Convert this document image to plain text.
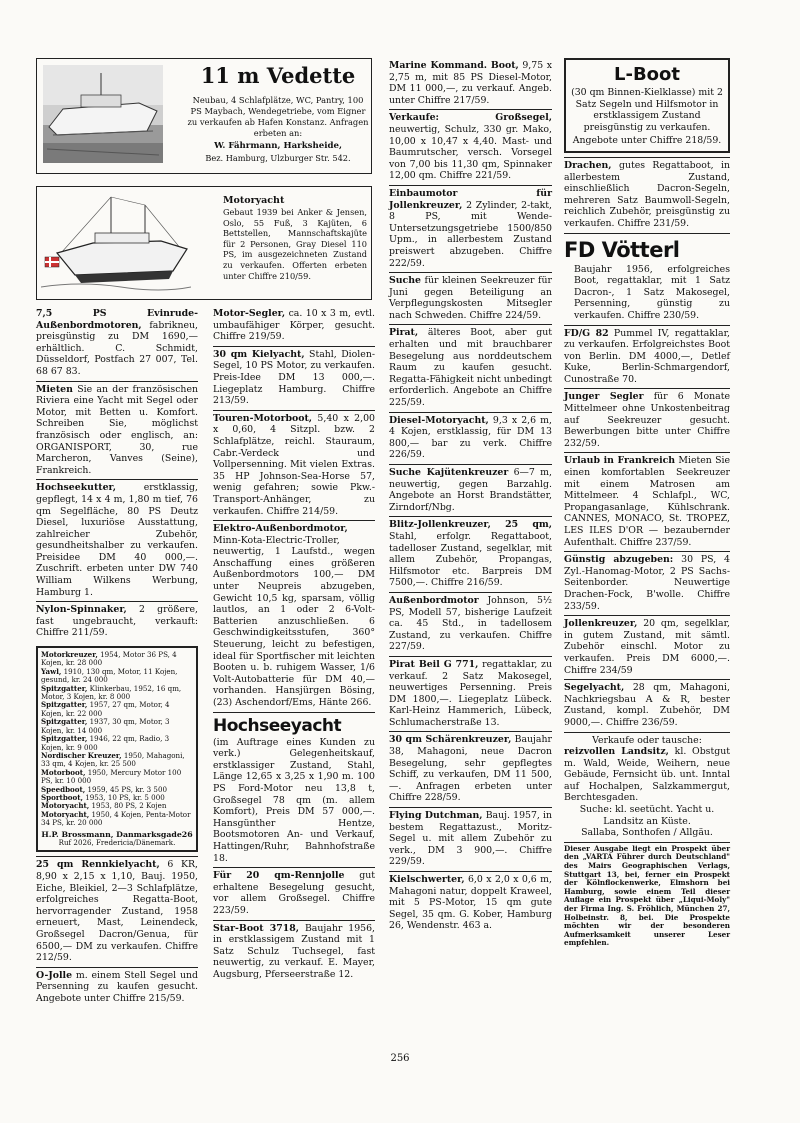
11 m Vedette
Neubau, 4 Schlafplätze, WC, Pantry, 100 PS Maybach, Wendegetriebe, vom Eigner zu verkaufen ab Hafen Konstanz. Anfragen erbeten an:
W. Fährmann, Harksheide,
Bez. Hamburg, Ulzburger Str. 542.
Motoryacht
Gebaut 1939 bei Anker & Jensen, Oslo, 55 Fuß, 3 Kajüten, 6 Bettstellen, Mannschaftskajüte für 2 Personen, Gray Diesel 110 PS, im ausgezeichneten Zustand zu verkaufen. Offerten erbeten unter Chiffre 210/59.
7,5 PS Evinrude-Außenbordmotoren, fabrikneu, preisgünstig zu DM 1690,— erhältlich. C. Schmidt, Düsseldorf, Postfach 27 007, Tel. 68 67 83.
Mieten Sie an der französischen Riviera eine Yacht mit Segel oder Motor, mit Betten u. Komfort. Schreiben Sie, möglichst französisch oder englisch, an: ORGANISPORT, 30, rue Marcheron, Vanves (Seine), Frankreich.
Hochseekutter, erstklassig, gepflegt, 14 x 4 m, 1,80 m tief, 76 qm Segelfläche, 80 PS Deutz Diesel, luxuriöse Ausstattung, zahlreicher Zubehör, gesundheitshalber zu verkaufen. Preisidee DM 40 000,—. Zuschrift. erbeten unter DW 740 William Wilkens Werbung, Hamburg 1.
Nylon-Spinnaker, 2 größere, fast ungebraucht, verkauft: Chiffre 211/59.
Motorkreuzer, 1954, Motor 36 PS, 4 Kojen, kr. 28 000
Yawl, 1910, 130 qm, Motor, 11 Kojen, gesund, kr. 24 000
Spitzgatter, Klinkerbau, 1952, 16 qm, Motor, 3 Kojen, kr. 8 000
Spitzgatter, 1957, 27 qm, Motor, 4 Kojen, kr. 22 000
Spitzgatter, 1937, 30 qm, Motor, 3 Kojen, kr. 14 000
Spitzgatter, 1946, 22 qm, Radio, 3 Kojen, kr. 9 000
Nordischer Kreuzer, 1950, Mahagoni, 33 qm, 4 Kojen, kr. 25 500
Motorboot, 1950, Mercury Motor 100 PS, kr. 10 000
Speedboot, 1959, 45 PS, kr. 3 500
Sportboot, 1953, 10 PS, kr. 5 000
Motoryacht, 1953, 80 PS, 2 Kojen
Motoryacht, 1950, 4 Kojen, Penta-Motor 34 PS, kr. 20 000
H.P. Brossmann, Danmarksgade26
Ruf 2026, Fredericia/Dänemark.
25 qm Rennkielyacht, 6 KR, 8,90 x 2,15 x 1,10, Bauj. 1950, Eiche, Bleikiel, 2—3 Schlafplätze, erfolgreiches Regatta-Boot, hervorragender Zustand, 1958 erneuert, Mast, Leinendeck, Großsegel Dacron/Genua, für 6500,— DM zu verkaufen. Chiffre 212/59.
O-Jolle m. einem Stell Segel und Persenning zu kaufen gesucht. Angebote unter Chiffre 215/59.
Motor-Segler, ca. 10 x 3 m, evtl. umbaufähiger Körper, gesucht. Chiffre 219/59.
30 qm Kielyacht, Stahl, Diolen-Segel, 10 PS Motor, zu verkaufen. Preis-Idee DM 13 000,—. Liegeplatz Hamburg. Chiffre 213/59.
Touren-Motorboot, 5,40 x 2,00 x 0,60, 4 Sitzpl. bzw. 2 Schlafplätze, reichl. Stauraum, Cabr.-Verdeck und Vollpersenning. Mit vielen Extras. 35 HP Johnson-Sea-Horse 57, wenig gefahren; sowie Pkw.-Transport-Anhänger, zu verkaufen. Chiffre 214/59.
Elektro-Außenbordmotor, Minn-Kota-Electric-Troller, neuwertig, 1 Laufstd., wegen Anschaffung eines größeren Außenbordmotors 100,— DM unter Neupreis abzugeben, Gewicht 10,5 kg, sparsam, völlig lautlos, an 1 oder 2 6-Volt-Batterien anzuschließen. 6 Geschwindigkeitsstufen, 360° Steuerung, leicht zu befestigen, ideal für Sportfischer mit leichten Booten u. b. ruhigem Wasser, 1/6 Volt-Autobatterie für DM 40,— vorhanden. Hansjürgen Bösing, (23) Aschendorf/Ems, Hänte 266.
Hochseeyacht
(im Auftrage eines Kunden zu verk.) Gelegenheitskauf, erstklassiger Zustand, Stahl, Länge 12,65 x 3,25 x 1,90 m. 100 PS Ford-Motor neu 13,8 t, Großsegel 78 qm (m. allem Komfort), Preis DM 57 000,—. Hansgünther Hentze, Bootsmotoren An- und Verkauf, Hattingen/Ruhr, Bahnhofstraße 18.
Für 20 qm-Rennjolle gut erhaltene Besegelung gesucht, vor allem Großsegel. Chiffre 223/59.
Star-Boot 3718, Baujahr 1956, in erstklassigem Zustand mit 1 Satz Schulz Tuchsegel, fast neuwertig, zu verkauf. E. Mayer, Augsburg, Pferseerstraße 12.
Marine Kommand. Boot, 9,75 x 2,75 m, mit 85 PS Diesel-Motor, DM 11 000,—, zu verkauf. Angeb. unter Chiffre 217/59.
Verkaufe: Großsegel, neuwertig, Schulz, 330 gr. Mako, 10,00 x 10,47 x 4,40. Mast- und Baumrutscher, versch. Vorsegel von 7,00 bis 11,30 qm, Spinnaker 12,00 qm. Chiffre 221/59.
Einbaumotor für Jollenkreuzer, 2 Zylinder, 2-takt, 8 PS, mit Wende-Untersetzungsgetriebe 1500/850 Upm., in allerbestem Zustand preiswert abzugeben. Chiffre 222/59.
Suche für kleinen Seekreuzer für Juni gegen Beteiligung an Verpflegungskosten Mitsegler nach Schweden. Chiffre 224/59.
Pirat, älteres Boot, aber gut erhalten und mit brauchbarer Besegelung aus norddeutschem Raum zu kaufen gesucht. Regatta-Fähigkeit nicht unbedingt erforderlich. Angebote an Chiffre 225/59.
Diesel-Motoryacht, 9,3 x 2,6 m, 4 Kojen, erstklassig, für DM 13 800,— bar zu verk. Chiffre 226/59.
Suche Kajütenkreuzer 6—7 m, neuwertig, gegen Barzahlg. Angebote an Horst Brandstätter, Zirndorf/Nbg.
Blitz-Jollenkreuzer, 25 qm, Stahl, erfolgr. Regattaboot, tadelloser Zustand, segelklar, mit allem Zubehör, Propangas, Hilfsmotor etc. Barpreis DM 7500,—. Chiffre 216/59.
Außenbordmotor Johnson, 5½ PS, Modell 57, bisherige Laufzeit ca. 45 Std., in tadellosem Zustand, zu verkaufen. Chiffre 227/59.
Pirat Beil G 771, regattaklar, zu verkauf. 2 Satz Makosegel, neuwertiges Persenning. Preis DM 1800,—. Liegeplatz Lübeck. Karl-Heinz Hammerich, Lübeck, Schlumacherstraße 13.
30 qm Schärenkreuzer, Baujahr 38, Mahagoni, neue Dacron Besegelung, sehr gepflegtes Schiff, zu verkaufen, DM 11 500,—. Anfragen erbeten unter Chiffre 228/59.
Flying Dutchman, Bauj. 1957, in bestem Regattazust., Moritz-Segel u. mit allem Zubehör zu verk., DM 3 900,—. Chiffre 229/59.
Kielschwerter, 6,0 x 2,0 x 0,6 m, Mahagoni natur, doppelt Kraweel, mit 5 PS-Motor, 15 qm gute Segel, 35 qm. G. Kober, Hamburg 26, Wendenstr. 463 a.
L-Boot
(30 qm Binnen-Kielklasse) mit 2 Satz Segeln und Hilfsmotor in erstklassigem Zustand preisgünstig zu verkaufen.
Angebote unter Chiffre 218/59.
Drachen, gutes Regattaboot, in allerbestem Zustand, einschließlich Dacron-Segeln, mehreren Satz Baumwoll-Segeln, reichlich Zubehör, preisgünstig zu verkaufen. Chiffre 231/59.
FD Vötterl
Baujahr 1956, erfolgreiches Boot, regattaklar, mit 1 Satz Dacron-, 1 Satz Makosegel, Persenning, günstig zu verkaufen. Chiffre 230/59.
FD/G 82 Pummel IV, regattaklar, zu verkaufen. Erfolgreichstes Boot von Berlin. DM 4000,—, Detlef Kuke, Berlin-Schmargendorf, Cunostraße 70.
Junger Segler für 6 Monate Mittelmeer ohne Unkostenbeitrag auf Seekreuzer gesucht. Bewerbungen bitte unter Chiffre 232/59.
Urlaub in Frankreich Mieten Sie einen komfortablen Seekreuzer mit einem Matrosen am Mittelmeer. 4 Schlafpl., WC, Propangasanlage, Kühlschrank. CANNES, MONACO, St. TROPEZ, LES ILES D'OR — bezaubernder Aufenthalt. Chiffre 237/59.
Günstig abzugeben: 30 PS, 4 Zyl.-Hanomag-Motor, 2 PS Sachs-Seitenborder. Neuwertige Drachen-Fock, B'wolle. Chiffre 233/59.
Jollenkreuzer, 20 qm, segelklar, in gutem Zustand, mit sämtl. Zubehör einschl. Motor zu verkaufen. Preis DM 6000,—. Chiffre 234/59
Segelyacht, 28 qm, Mahagoni, Nachkriegsbau A & R, bester Zustand, kompl. Zubehör, DM 9000,—. Chiffre 236/59.
Verkaufe oder tausche:
reizvollen Landsitz, kl. Obstgut m. Wald, Weide, Weihern, neue Gebäude, Fernsicht üb. unt. Inntal auf Hochalpen, Salzkammergut, Berchtesgaden.
Suche: kl. seetücht. Yacht u. Landsitz an Küste.
Sallaba, Sonthofen / Allgäu.
Dieser Ausgabe liegt ein Prospekt über den „VARTA Führer durch Deutschland" des Mairs Geographischen Verlags, Stuttgart 13, bei, ferner ein Prospekt der Kölnflockenwerke, Elmshorn bei Hamburg, sowie einem Teil dieser Auflage ein Prospekt über „Liqui-Moly" der Firma Ing. S. Fröhlich, München 27, Holbeinstr. 8, bei. Die Prospekte möchten wir der besonderen Aufmerksamkeit unserer Leser empfehlen.
256
